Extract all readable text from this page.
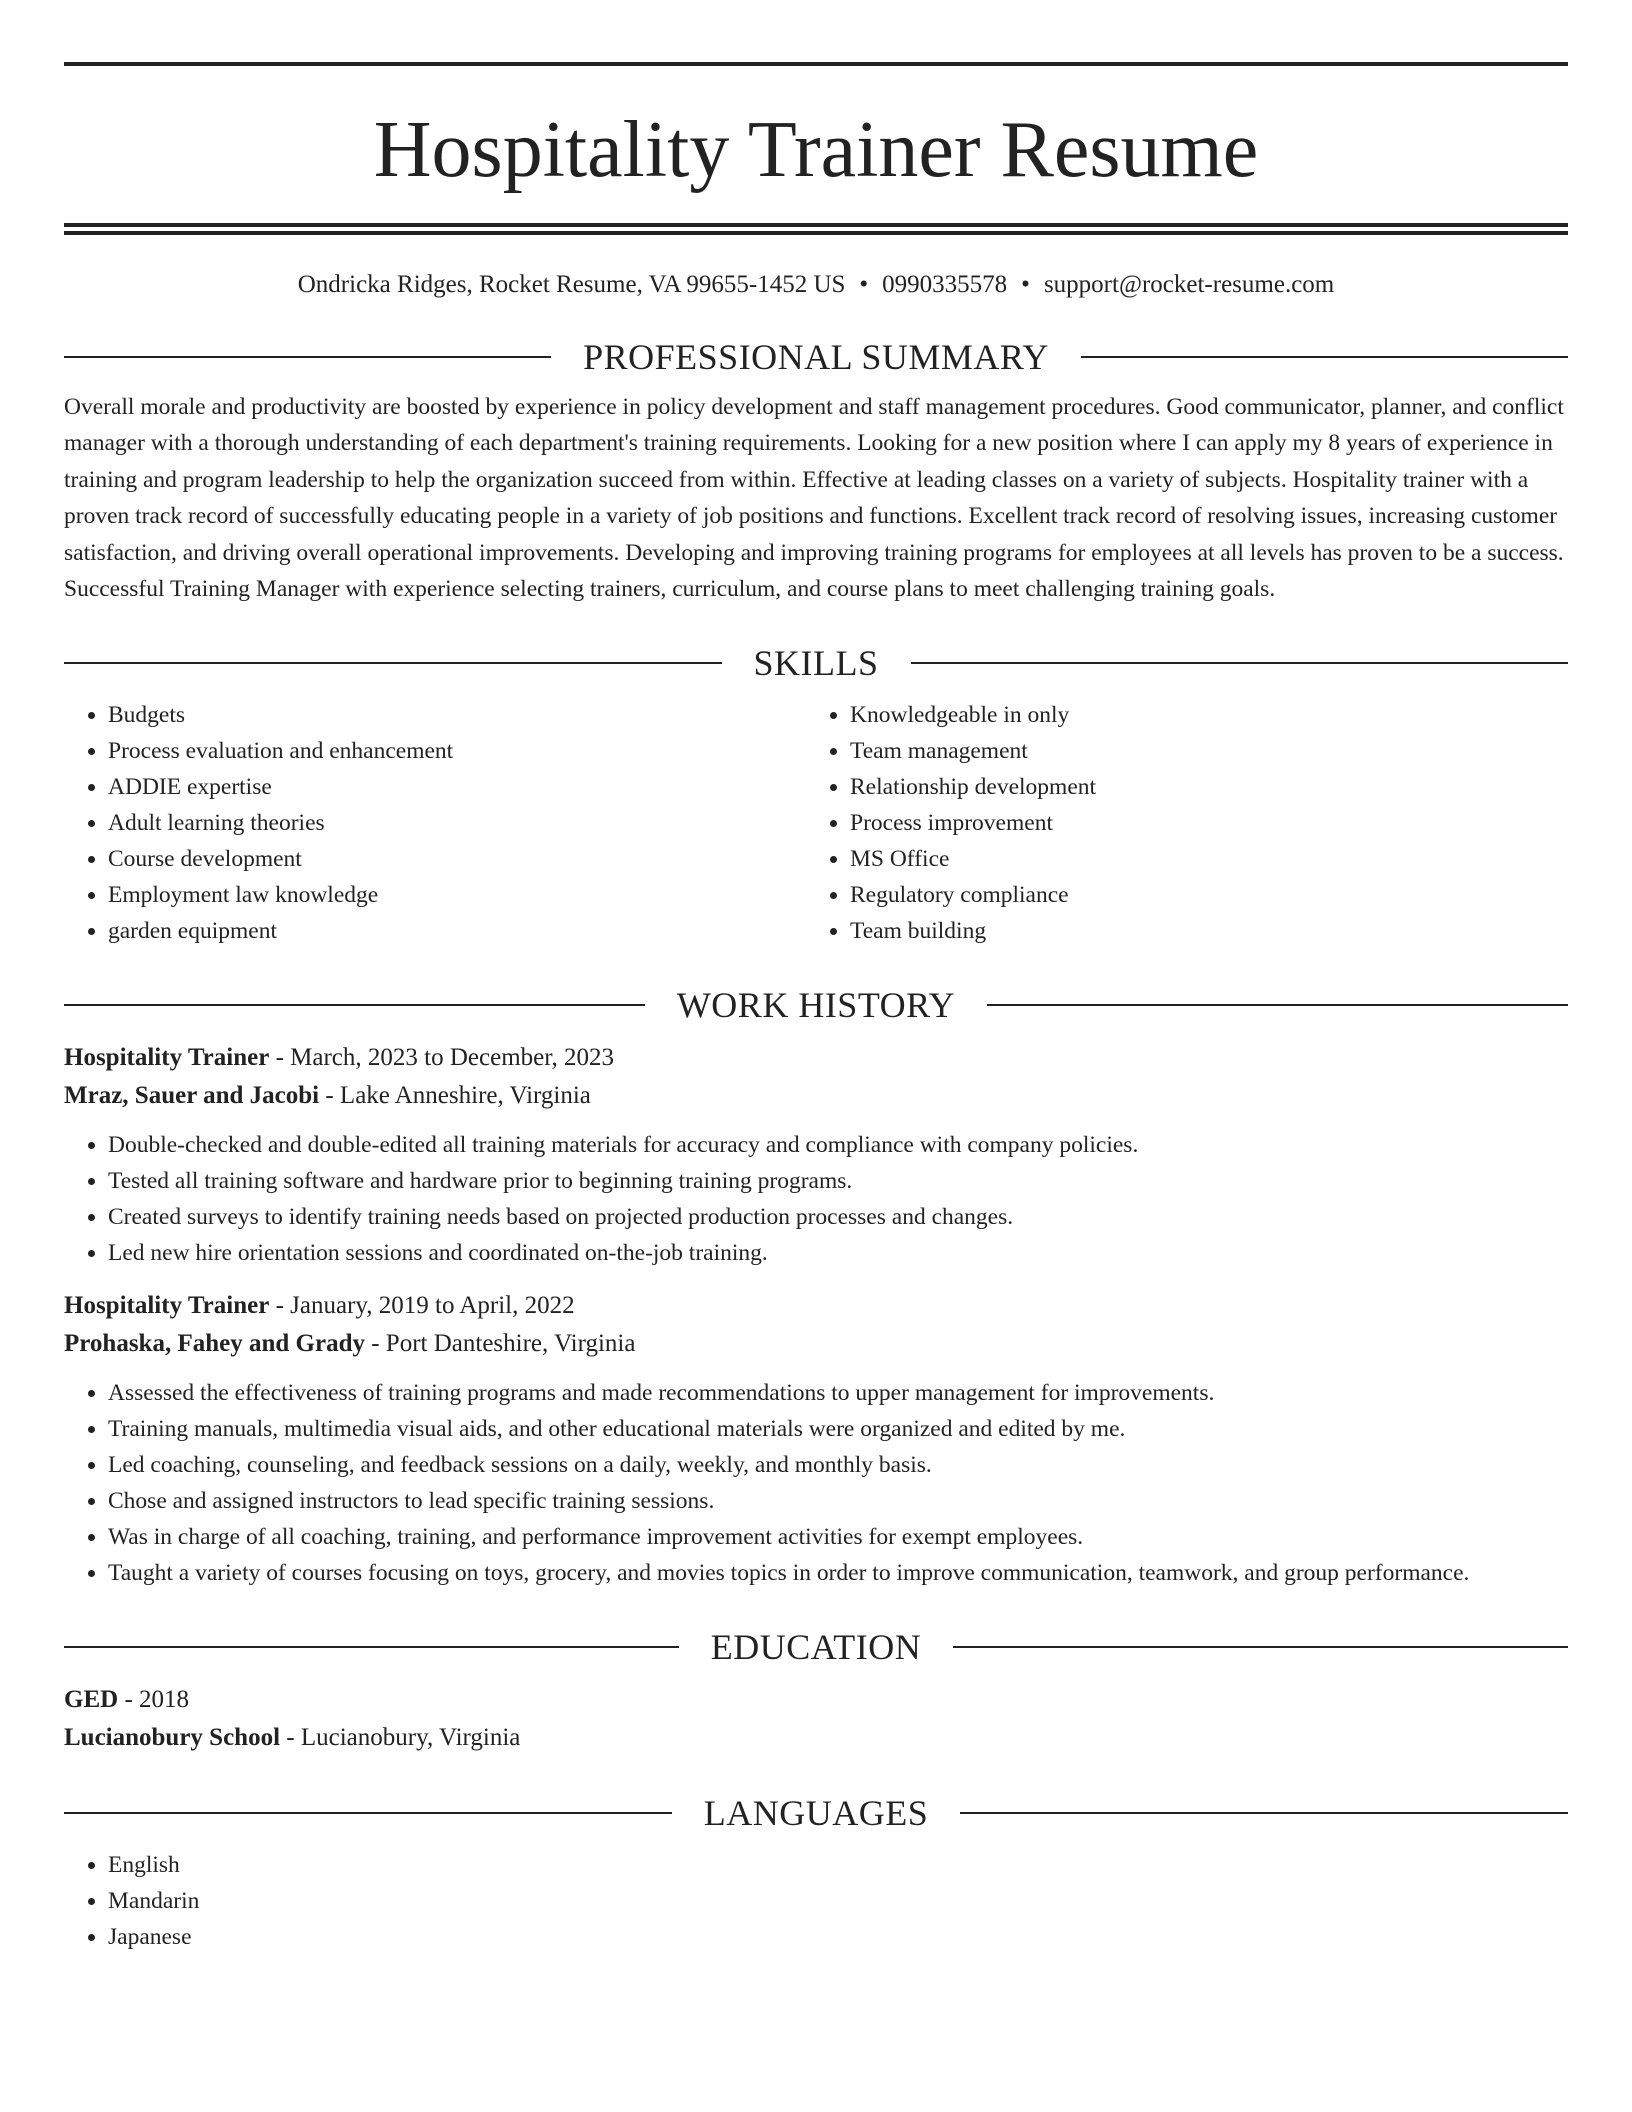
Hospitality Trainer Resume
Ondricka Ridges, Rocket Resume, VA 99655-1452 US • 0990335578 • support@rocket-resume.com
PROFESSIONAL SUMMARY
Overall morale and productivity are boosted by experience in policy development and staff management procedures. Good communicator, planner, and conflict manager with a thorough understanding of each department's training requirements. Looking for a new position where I can apply my 8 years of experience in training and program leadership to help the organization succeed from within. Effective at leading classes on a variety of subjects. Hospitality trainer with a proven track record of successfully educating people in a variety of job positions and functions. Excellent track record of resolving issues, increasing customer satisfaction, and driving overall operational improvements. Developing and improving training programs for employees at all levels has proven to be a success. Successful Training Manager with experience selecting trainers, curriculum, and course plans to meet challenging training goals.
SKILLS
• Budgets
• Process evaluation and enhancement
• ADDIE expertise
• Adult learning theories
• Course development
• Employment law knowledge
• garden equipment
• Knowledgeable in only
• Team management
• Relationship development
• Process improvement
• MS Office
• Regulatory compliance
• Team building
WORK HISTORY
Hospitality Trainer - March, 2023 to December, 2023
Mraz, Sauer and Jacobi - Lake Anneshire, Virginia
• Double-checked and double-edited all training materials for accuracy and compliance with company policies.
• Tested all training software and hardware prior to beginning training programs.
• Created surveys to identify training needs based on projected production processes and changes.
• Led new hire orientation sessions and coordinated on-the-job training.
Hospitality Trainer - January, 2019 to April, 2022
Prohaska, Fahey and Grady - Port Danteshire, Virginia
• Assessed the effectiveness of training programs and made recommendations to upper management for improvements.
• Training manuals, multimedia visual aids, and other educational materials were organized and edited by me.
• Led coaching, counseling, and feedback sessions on a daily, weekly, and monthly basis.
• Chose and assigned instructors to lead specific training sessions.
• Was in charge of all coaching, training, and performance improvement activities for exempt employees.
• Taught a variety of courses focusing on toys, grocery, and movies topics in order to improve communication, teamwork, and group performance.
EDUCATION
GED - 2018
Lucianobury School - Lucianobury, Virginia
LANGUAGES
• English
• Mandarin
• Japanese
